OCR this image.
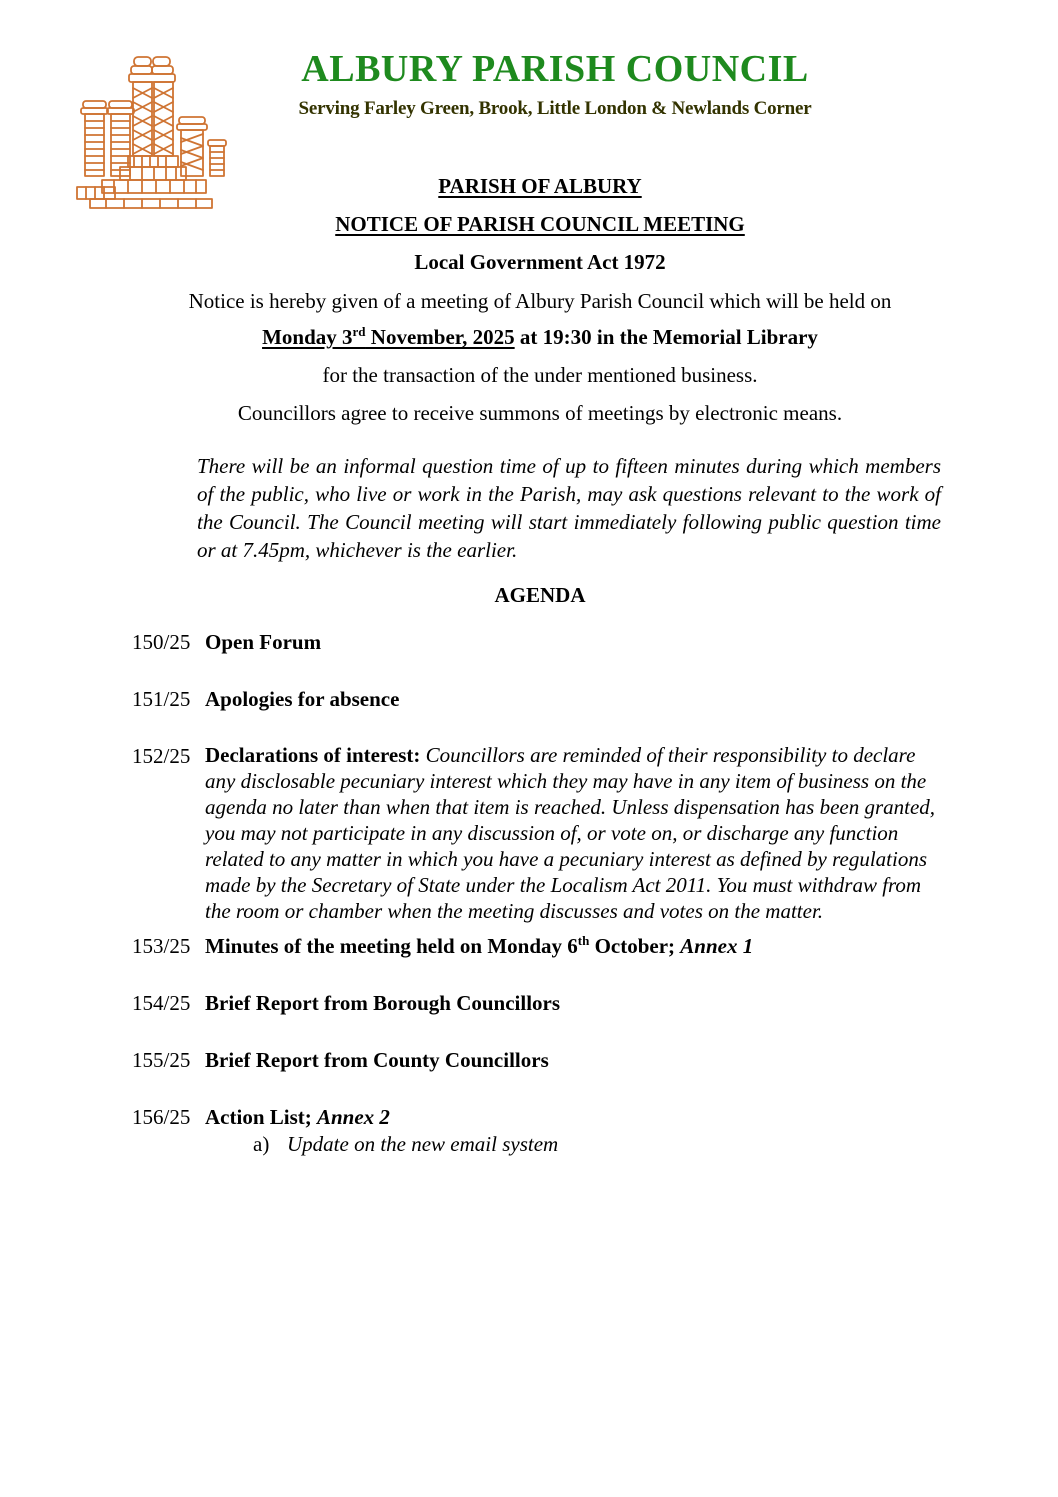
ALBURY PARISH COUNCIL
Serving Farley Green, Brook, Little London & Newlands Corner

PARISH OF ALBURY

NOTICE OF PARISH COUNCIL MEETING

Local Government Act 1972

Notice is hereby given of a meeting of Albury Parish Council which will be held on

Monday 3rd November, 2025 at 19:30 in the Memorial Library

for the transaction of the under mentioned business.

Councillors agree to receive summons of meetings by electronic means.

There will be an informal question time of up to fifteen minutes during which members of the public, who live or work in the Parish, may ask questions relevant to the work of the Council. The Council meeting will start immediately following public question time or at 7.45pm, whichever is the earlier.

AGENDA

150/25 Open Forum
151/25 Apologies for absence
152/25 Declarations of interest: Councillors are reminded of their responsibility to declare any disclosable pecuniary interest which they may have in any item of business on the agenda no later than when that item is reached. Unless dispensation has been granted, you may not participate in any discussion of, or vote on, or discharge any function related to any matter in which you have a pecuniary interest as defined by regulations made by the Secretary of State under the Localism Act 2011. You must withdraw from the room or chamber when the meeting discusses and votes on the matter.
153/25 Minutes of the meeting held on Monday 6th October; Annex 1
154/25 Brief Report from Borough Councillors
155/25 Brief Report from County Councillors
156/25 Action List; Annex 2
a) Update on the new email system
